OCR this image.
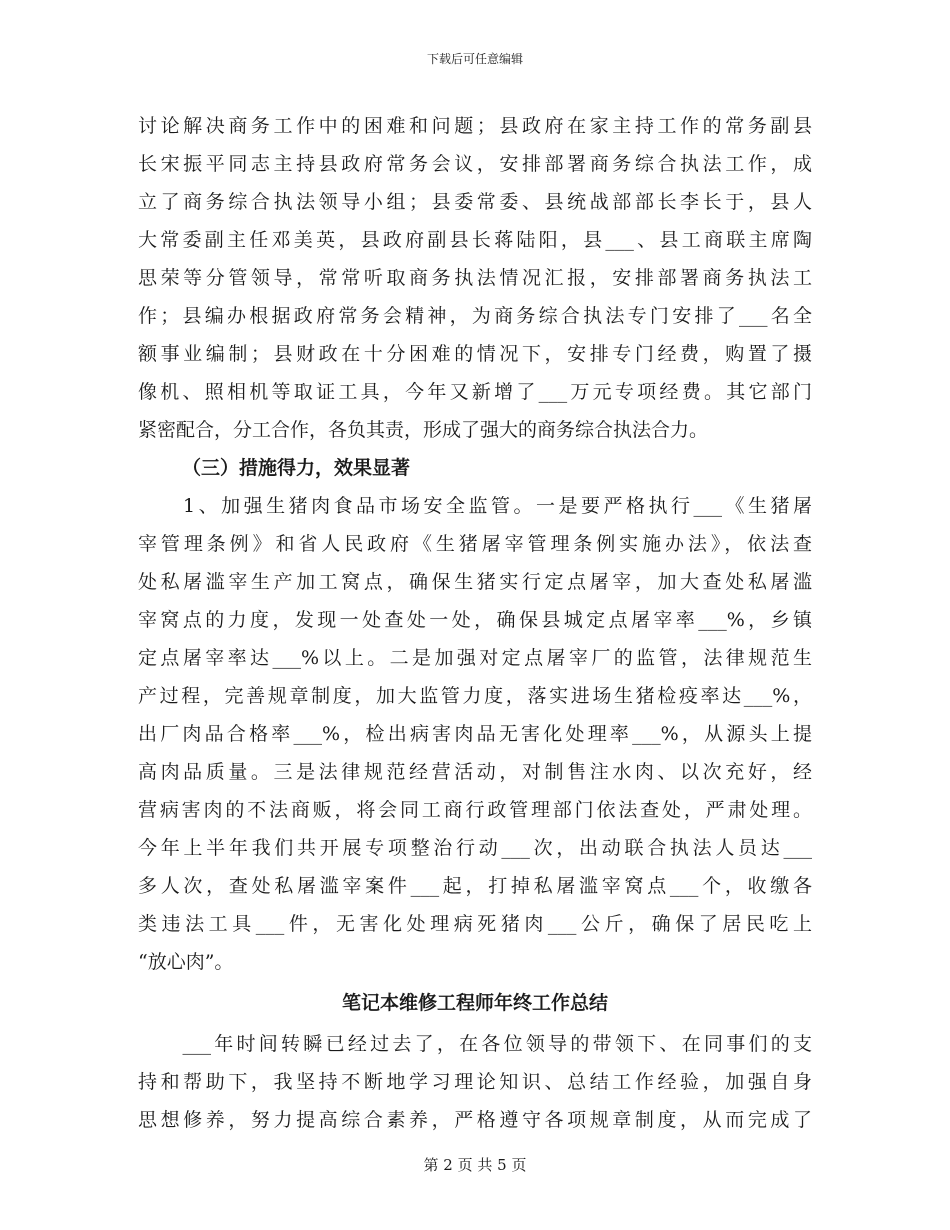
下载后可任意编辑
讨论解决商务工作中的困难和问题；县政府在家主持工作的常务副县
长宋振平同志主持县政府常务会议，安排部署商务综合执法工作，成
立了商务综合执法领导小组；县委常委、县统战部部长李长于，县人
大常委副主任邓美英，县政府副县长蒋陆阳，县___、县工商联主席陶
思荣等分管领导，常常听取商务执法情况汇报，安排部署商务执法工
作；县编办根据政府常务会精神，为商务综合执法专门安排了___名全
额事业编制；县财政在十分困难的情况下，安排专门经费，购置了摄
像机、照相机等取证工具，今年又新增了___万元专项经费。其它部门
紧密配合，分工合作，各负其责，形成了强大的商务综合执法合力。
（三）措施得力，效果显著
　　1、加强生猪肉食品市场安全监管。一是要严格执行___《生猪屠
宰管理条例》和省人民政府《生猪屠宰管理条例实施办法》，依法查
处私屠滥宰生产加工窝点，确保生猪实行定点屠宰，加大查处私屠滥
宰窝点的力度，发现一处查处一处，确保县城定点屠宰率___%，乡镇
定点屠宰率达___%以上。二是加强对定点屠宰厂的监管，法律规范生
产过程，完善规章制度，加大监管力度，落实进场生猪检疫率达___%，
出厂肉品合格率___%，检出病害肉品无害化处理率___%，从源头上提
高肉品质量。三是法律规范经营活动，对制售注水肉、以次充好，经
营病害肉的不法商贩，将会同工商行政管理部门依法查处，严肃处理。
今年上半年我们共开展专项整治行动___次，出动联合执法人员达___
多人次，查处私屠滥宰案件___起，打掉私屠滥宰窝点___个，收缴各
类违法工具___件，无害化处理病死猪肉___公斤，确保了居民吃上
“放心肉”。
笔记本维修工程师年终工作总结
　　___年时间转瞬已经过去了，在各位领导的带领下、在同事们的支
持和帮助下，我坚持不断地学习理论知识、总结工作经验，加强自身
思想修养，努力提高综合素养，严格遵守各项规章制度，从而完成了
第 2 页 共 5 页
